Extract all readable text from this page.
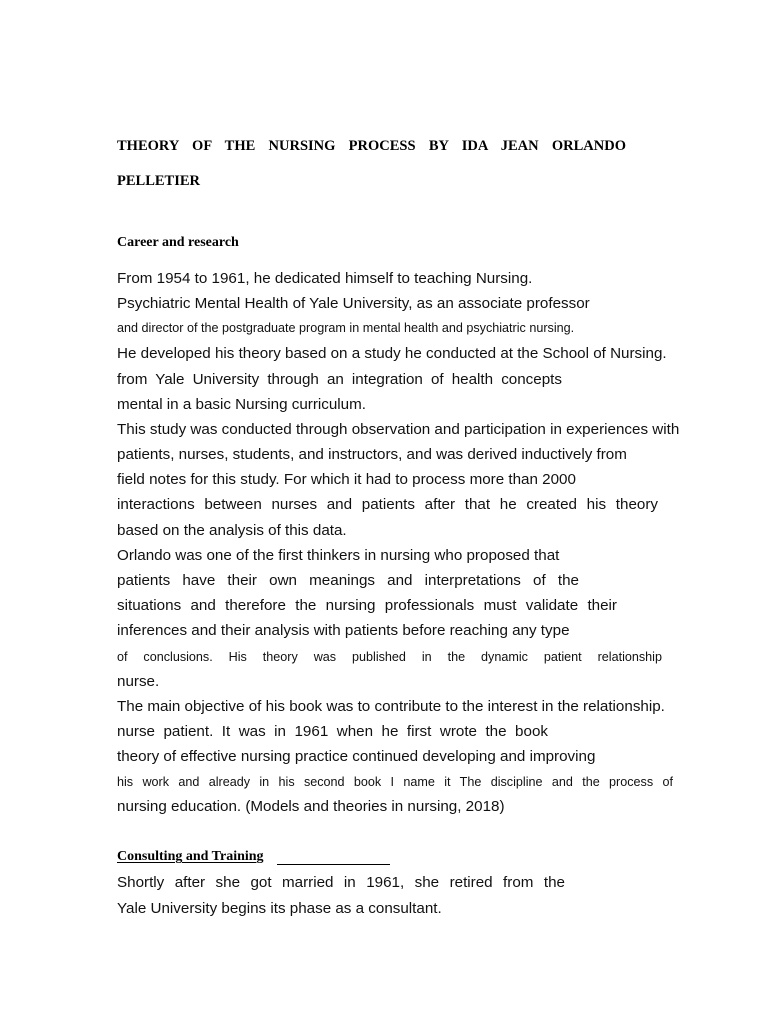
THEORY OF THE NURSING PROCESS BY IDA JEAN ORLANDO
PELLETIER
Career and research
From 1954 to 1961, he dedicated himself to teaching Nursing.
Psychiatric Mental Health of Yale University, as an associate professor
and director of the postgraduate program in mental health and psychiatric nursing.
He developed his theory based on a study he conducted at the School of Nursing.
from Yale University through an integration of health concepts
mental in a basic Nursing curriculum.
This study was conducted through observation and participation in experiences with
patients, nurses, students, and instructors, and was derived inductively from
field notes for this study. For which it had to process more than 2000
interactions between nurses and patients after that he created his theory
based on the analysis of this data.
Orlando was one of the first thinkers in nursing who proposed that
patients have their own meanings and interpretations of the
situations and therefore the nursing professionals must validate their
inferences and their analysis with patients before reaching any type
of conclusions. His theory was published in the dynamic patient relationship
nurse.
The main objective of his book was to contribute to the interest in the relationship.
nurse patient. It was in 1961 when he first wrote the book
theory of effective nursing practice continued developing and improving
his work and already in his second book I name it The discipline and the process of
nursing education. (Models and theories in nursing, 2018)
Consulting and Training
Shortly after she got married in 1961, she retired from the
Yale University begins its phase as a consultant.
